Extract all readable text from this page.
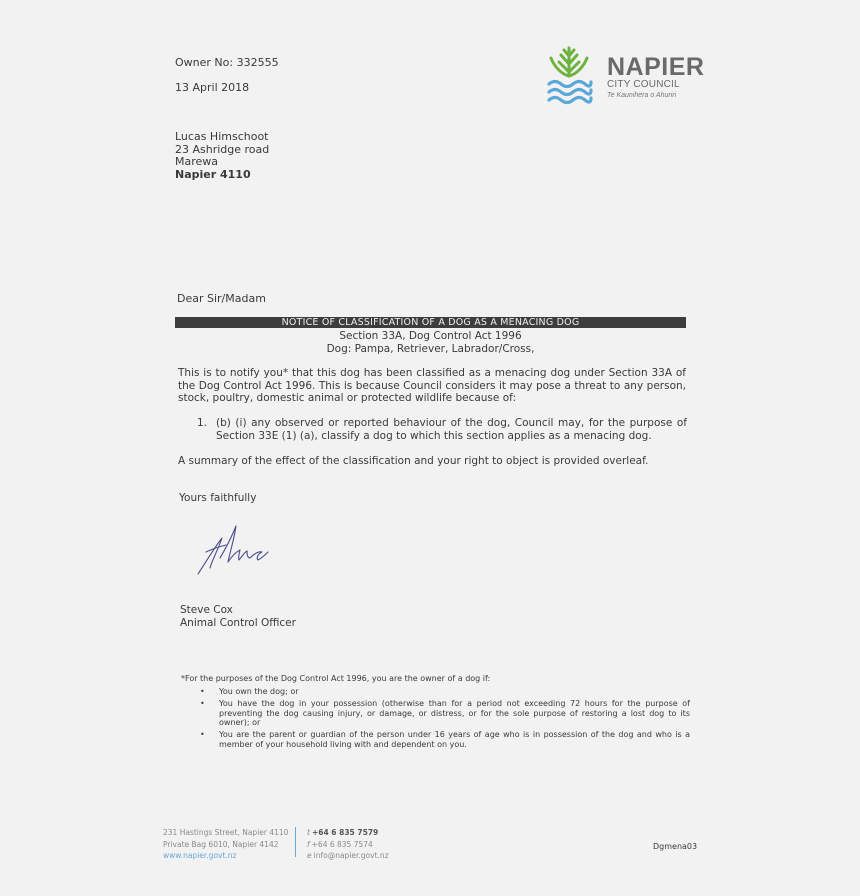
Owner No: 332555
13 April 2018
NAPIER
CITY COUNCIL
Te Kaunihera o Ahuriri
Lucas Himschoot
23 Ashridge road
Marewa
Napier 4110
Dear Sir/Madam
NOTICE OF CLASSIFICATION OF A DOG AS A MENACING DOG
Section 33A, Dog Control Act 1996
Dog: Pampa, Retriever, Labrador/Cross,
This is to notify you* that this dog has been classified as a menacing dog under Section 33A of the Dog Control Act 1996. This is because Council considers it may pose a threat to any person, stock, poultry, domestic animal or protected wildlife because of:
1. (b) (i) any observed or reported behaviour of the dog, Council may, for the purpose of Section 33E (1) (a), classify a dog to which this section applies as a menacing dog.
A summary of the effect of the classification and your right to object is provided overleaf.
Yours faithfully
Steve Cox
Animal Control Officer
*For the purposes of the Dog Control Act 1996, you are the owner of a dog if:
• You own the dog; or
• You have the dog in your possession (otherwise than for a period not exceeding 72 hours for the purpose of preventing the dog causing injury, or damage, or distress, or for the sole purpose of restoring a lost dog to its owner); or
• You are the parent or guardian of the person under 16 years of age who is in possession of the dog and who is a member of your household living with and dependent on you.
231 Hastings Street, Napier 4110
Private Bag 6010, Napier 4142
www.napier.govt.nz
t +64 6 835 7579
f +64 6 835 7574
e info@napier.govt.nz
Dgmena03
